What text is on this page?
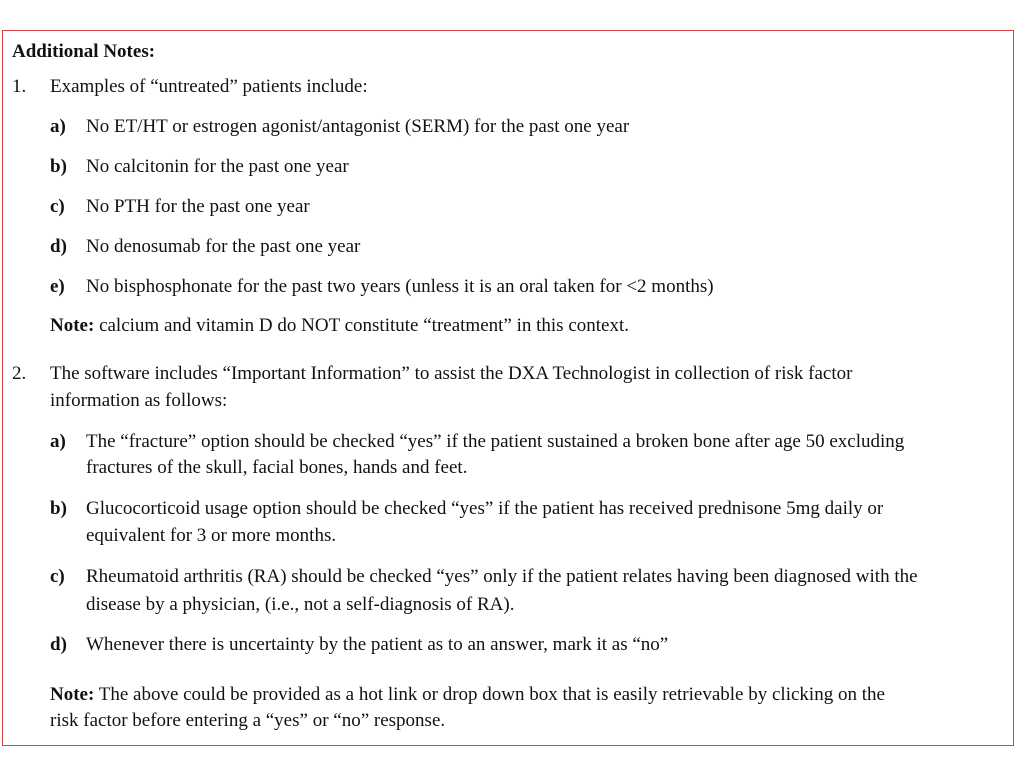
Additional Notes:
1. Examples of “untreated” patients include:
a) No ET/HT or estrogen agonist/antagonist (SERM) for the past one year
b) No calcitonin for the past one year
c) No PTH for the past one year
d) No denosumab for the past one year
e) No bisphosphonate for the past two years (unless it is an oral taken for <2 months)
Note: calcium and vitamin D do NOT constitute “treatment” in this context.
2. The software includes “Important Information” to assist the DXA Technologist in collection of risk factor
information as follows:
a) The “fracture” option should be checked “yes” if the patient sustained a broken bone after age 50 excluding
fractures of the skull, facial bones, hands and feet.
b) Glucocorticoid usage option should be checked “yes” if the patient has received prednisone 5mg daily or
equivalent for 3 or more months.
c) Rheumatoid arthritis (RA) should be checked “yes” only if the patient relates having been diagnosed with the
disease by a physician, (i.e., not a self-diagnosis of RA).
d) Whenever there is uncertainty by the patient as to an answer, mark it as “no”
Note: The above could be provided as a hot link or drop down box that is easily retrievable by clicking on the
risk factor before entering a “yes” or “no” response.
